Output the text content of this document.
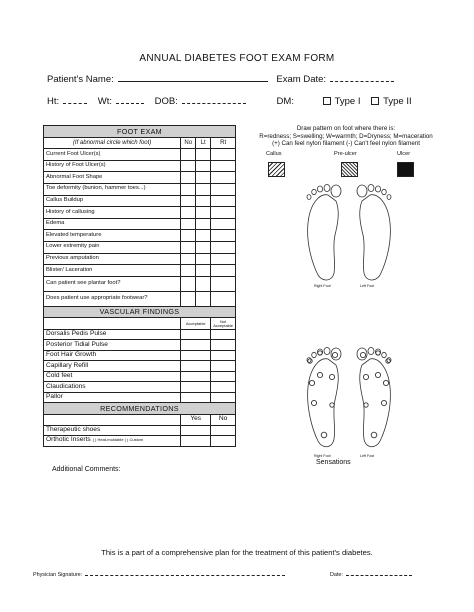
ANNUAL DIABETES FOOT EXAM FORM
Patient's Name:	Exam Date:
Ht:	Wt:	DOB:	DM:	Type I Type II
FOOT EXAM			
(If abnormal circle which foot)	No	Lt	Rt
Current Foot Ulcer(s)			
History of Foot Ulcer(s)			
Abnormal Foot Shape			
Toe deformity (bunion, hammer toes...)			
Callus Buildup			
History of callusing			
Edema			
Elevated temperature			
Lower extremity pain			
Previous amputation			
Blister/ Laceration			
Can patient see plantar foot?			
Does patient use appropriate footwear?			
VASCULAR FINDINGS			
	Acceptable		Not Acceptable
Dorsalis Pedis Pulse			
Posterior Tidial Pulse			
Foot Hair Growth			
Capillary Refill			
Cold feet			
Claudications			
Pallor			
RECOMMENDATIONS			
	Yes		No
Therapeutic shoes			
Orthotic Inserts ( ) Heat-moldable ( ) Custom			
Draw pattern on foot where there is:
R=redness; S=swelling; W=warmth; D=Dryness; M=maceration
(+) Can feel nylon filament (-) Can't feel nylon filament
Callus	Pre-ulcer	Ulcer
Right Foot	Left Foot
Right Foot	Left Foot
Sensations
Additional Comments:
This is a part of a comprehensive plan for the treatment of this patient's diabetes.
Physician Signature:	Date:
